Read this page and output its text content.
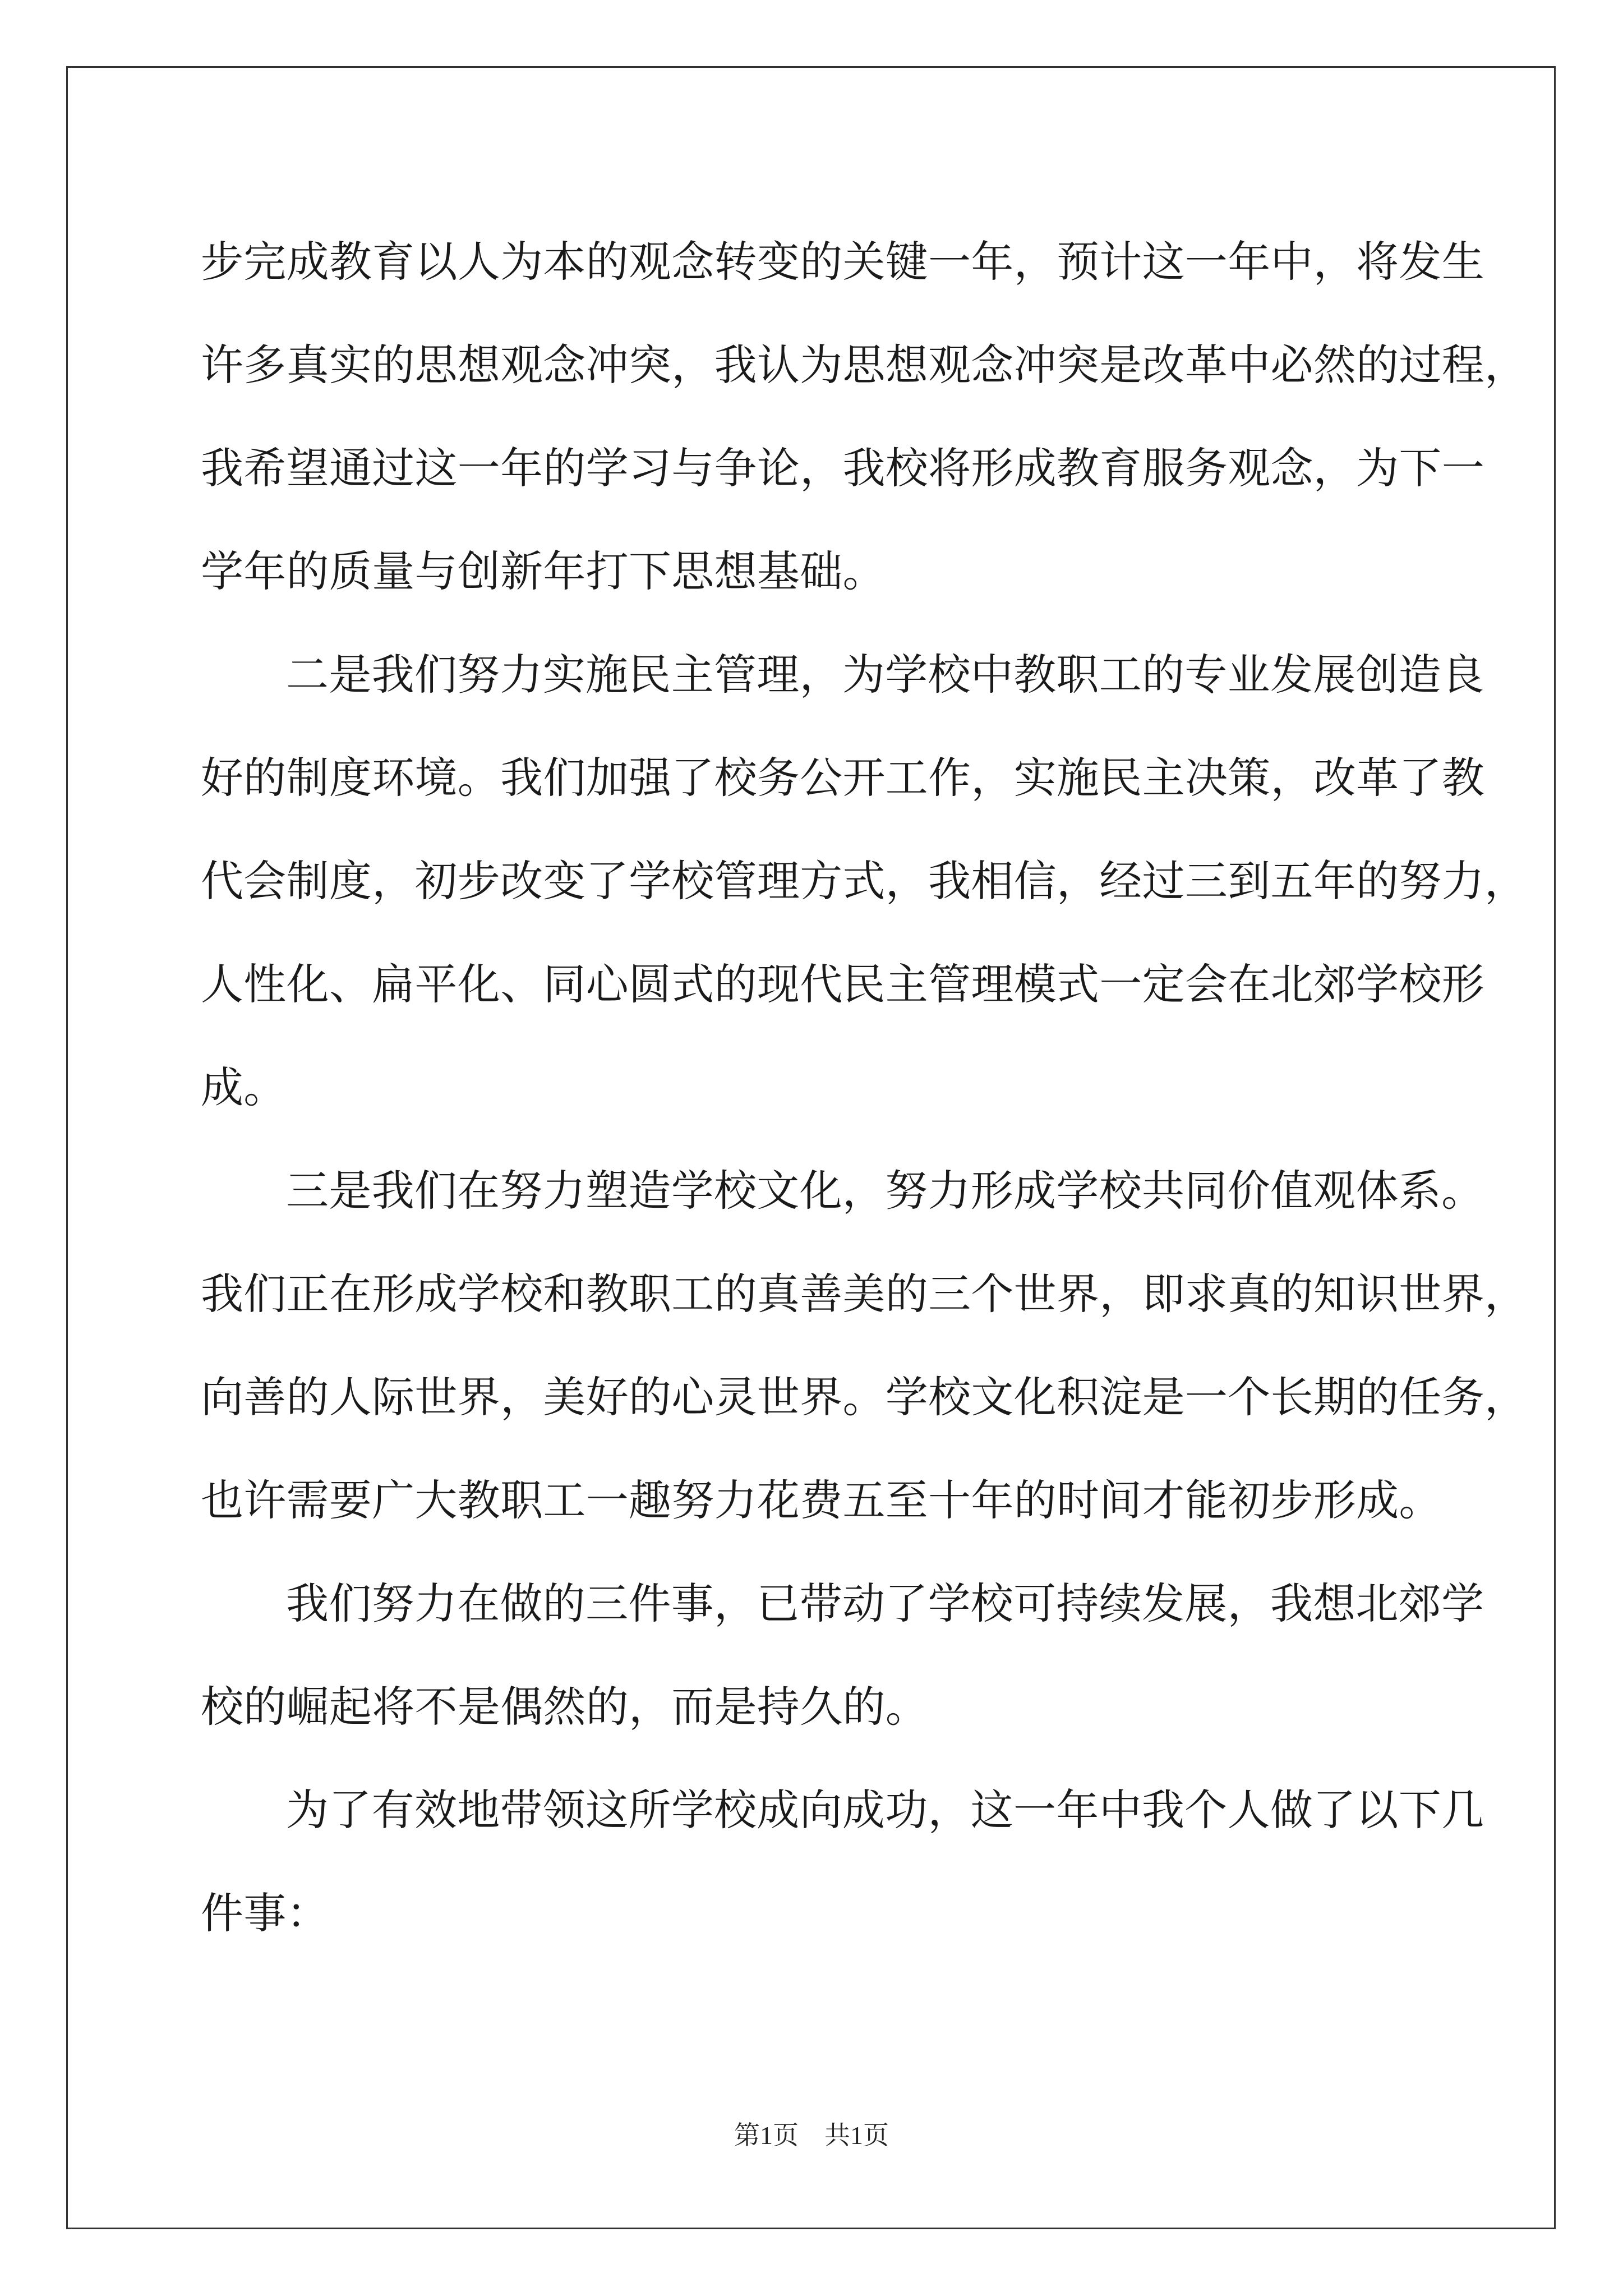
步完成教育以人为本的观念转变的关键一年，预计这一年中，将发生
许多真实的思想观念冲突，我认为思想观念冲突是改革中必然的过程，
我希望通过这一年的学习与争论，我校将形成教育服务观念，为下一
学年的质量与创新年打下思想基础。
二是我们努力实施民主管理，为学校中教职工的专业发展创造良
好的制度环境。我们加强了校务公开工作，实施民主决策，改革了教
代会制度，初步改变了学校管理方式，我相信，经过三到五年的努力，
人性化、扁平化、同心圆式的现代民主管理模式一定会在北郊学校形
成。
三是我们在努力塑造学校文化，努力形成学校共同价值观体系。
我们正在形成学校和教职工的真善美的三个世界，即求真的知识世界，
向善的人际世界，美好的心灵世界。学校文化积淀是一个长期的任务，
也许需要广大教职工一趣努力花费五至十年的时间才能初步形成。
我们努力在做的三件事，已带动了学校可持续发展，我想北郊学
校的崛起将不是偶然的，而是持久的。
为了有效地带领这所学校成向成功，这一年中我个人做了以下几
件事：
第1页　共1页
